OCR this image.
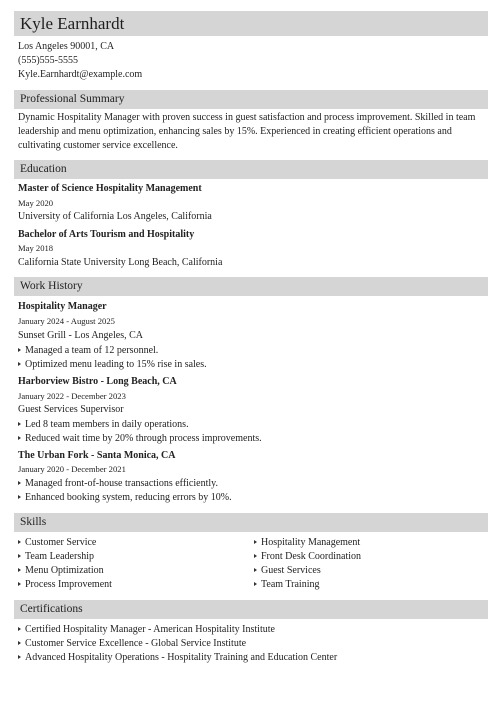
Kyle Earnhardt
Los Angeles 90001, CA
(555)555-5555
Kyle.Earnhardt@example.com
Professional Summary
Dynamic Hospitality Manager with proven success in guest satisfaction and process improvement. Skilled in team leadership and menu optimization, enhancing sales by 15%. Experienced in creating efficient operations and cultivating customer service excellence.
Education
Master of Science Hospitality Management
May 2020
University of California Los Angeles, California
Bachelor of Arts Tourism and Hospitality
May 2018
California State University Long Beach, California
Work History
Hospitality Manager
January 2024 - August 2025
Sunset Grill - Los Angeles, CA
Managed a team of 12 personnel.
Optimized menu leading to 15% rise in sales.
Harborview Bistro - Long Beach, CA
January 2022 - December 2023
Guest Services Supervisor
Led 8 team members in daily operations.
Reduced wait time by 20% through process improvements.
The Urban Fork - Santa Monica, CA
January 2020 - December 2021
Managed front-of-house transactions efficiently.
Enhanced booking system, reducing errors by 10%.
Skills
Customer Service
Team Leadership
Menu Optimization
Process Improvement
Hospitality Management
Front Desk Coordination
Guest Services
Team Training
Certifications
Certified Hospitality Manager - American Hospitality Institute
Customer Service Excellence - Global Service Institute
Advanced Hospitality Operations - Hospitality Training and Education Center
